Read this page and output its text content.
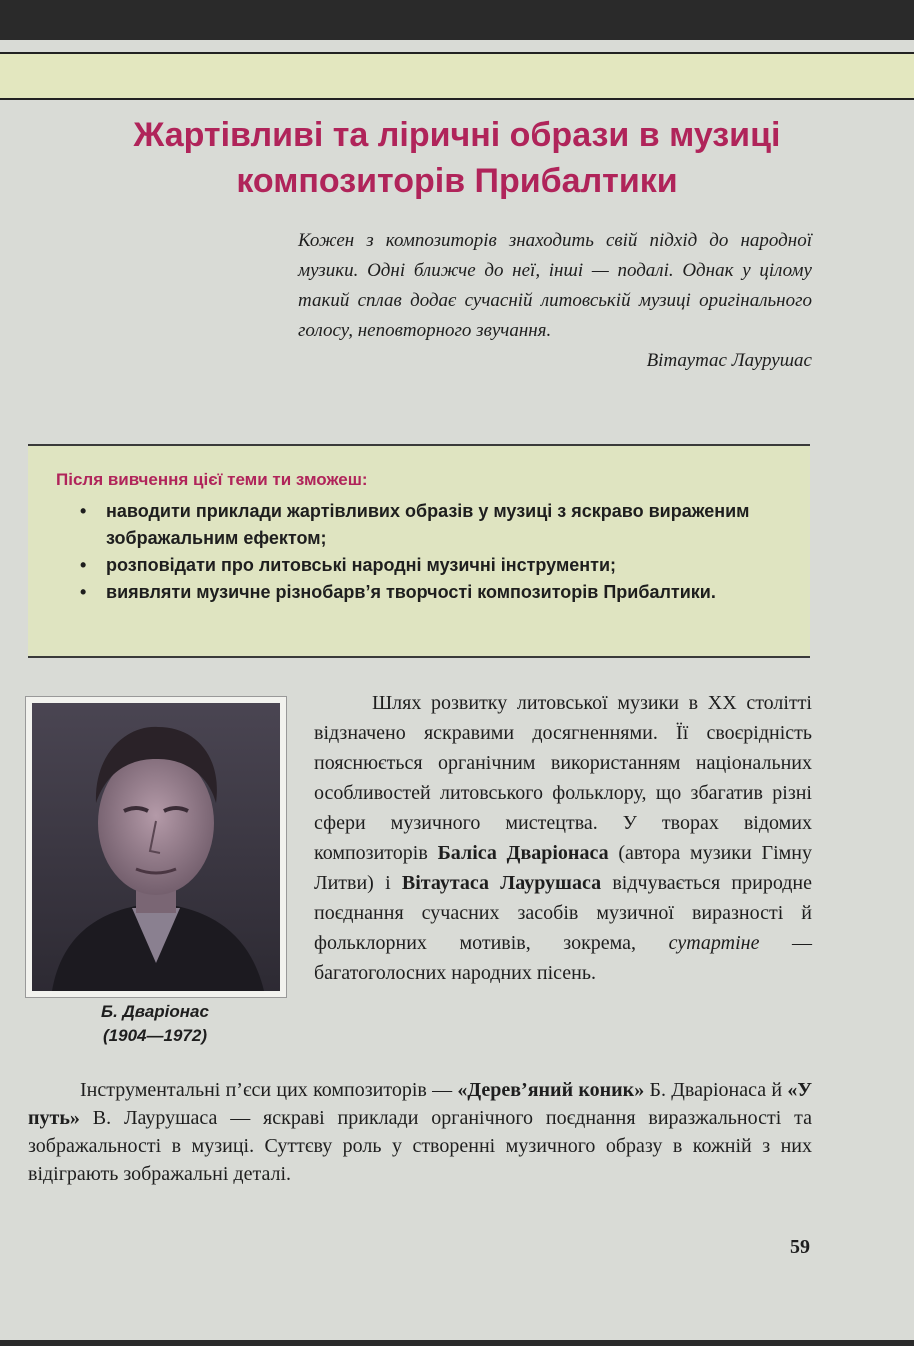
Жартівливі та ліричні образи в музиці
композиторів Прибалтики
Кожен з композиторів знаходить свій підхід до народної музики. Одні ближче до неї, інші — подалі. Однак у цілому такий сплав додає сучасній литовській музиці оригінального голосу, неповторного звучання.
Вітаутас Лаурушас
Після вивчення цієї теми ти зможеш:
• наводити приклади жартівливих образів у музиці з яскраво вираженим зображальним ефектом;
• розповідати про литовські народні музичні інструменти;
• виявляти музичне різнобарв’я творчості композиторів Прибалтики.
Б. Дваріонас
(1904—1972)

Шлях розвитку литовської музики в XX столітті відзначено яскравими досягненнями. Її своєрідність пояснюється органічним використанням національних особливостей литовського фольклору, що збагатив різні сфери музичного мистецтва. У творах відомих композиторів Баліса Дваріонаса (автора музики Гімну Литви) і Вітаутаса Лаурушаса відчувається природне поєднання сучасних засобів музичної виразності й фольклорних мотивів, зокрема, сутартіне — багатоголосних народних пісень.

Інструментальні п’єси цих композиторів — «Дерев’яний коник» Б. Дваріонаса й «У путь» В. Лаурушаса — яскраві приклади органічного поєднання виразжальності та зображальності в музиці. Суттєву роль у створенні музичного образу в кожній з них відіграють зображальні деталі.

59
